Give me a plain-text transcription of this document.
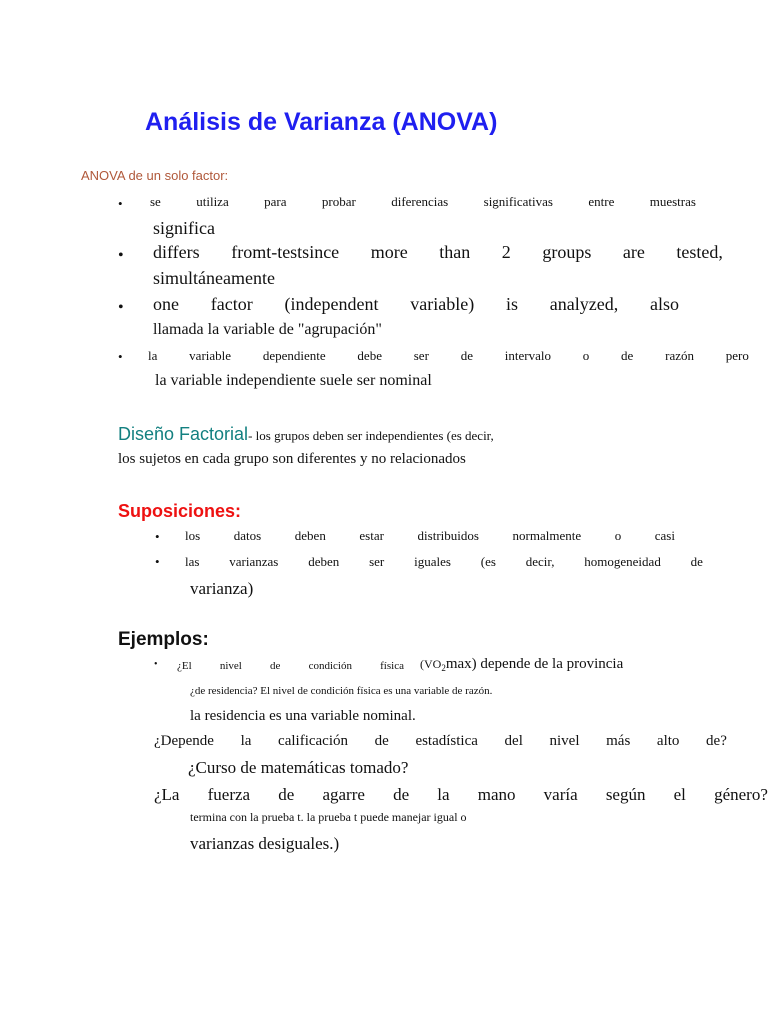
Análisis de Varianza (ANOVA)
ANOVA de un solo factor:
• se	utiliza	para	probar	diferencias	significativas	entre	muestras
significa
• differs fromt-testsince more than 2 groups are tested,
simultáneamente
• one factor (independent variable) is analyzed, also
llamada la variable de "agrupación"
• la variable dependiente debe ser de intervalo o de razón pero
la variable independiente suele ser nominal
Diseño Factorial- los grupos deben ser independientes (es decir,
los sujetos en cada grupo son diferentes y no relacionados
Suposiciones:
• los	datos	deben	estar	distribuidos	normalmente	o	casi
• las varianzas deben ser iguales (es decir, homogeneidad de
varianza)
Ejemplos:
• ¿El	nivel	de	condición	física $(VO_2\max)$ depende de la provincia
¿de residencia? El nivel de condición física es una variable de razón.
la residencia es una variable nominal.
¿Depende la calificación de estadística del nivel más alto de?
¿Curso de matemáticas tomado?
¿La fuerza de agarre de la mano varía según el género?
termina con la prueba t. la prueba t puede manejar igual o
varianzas desiguales.)
